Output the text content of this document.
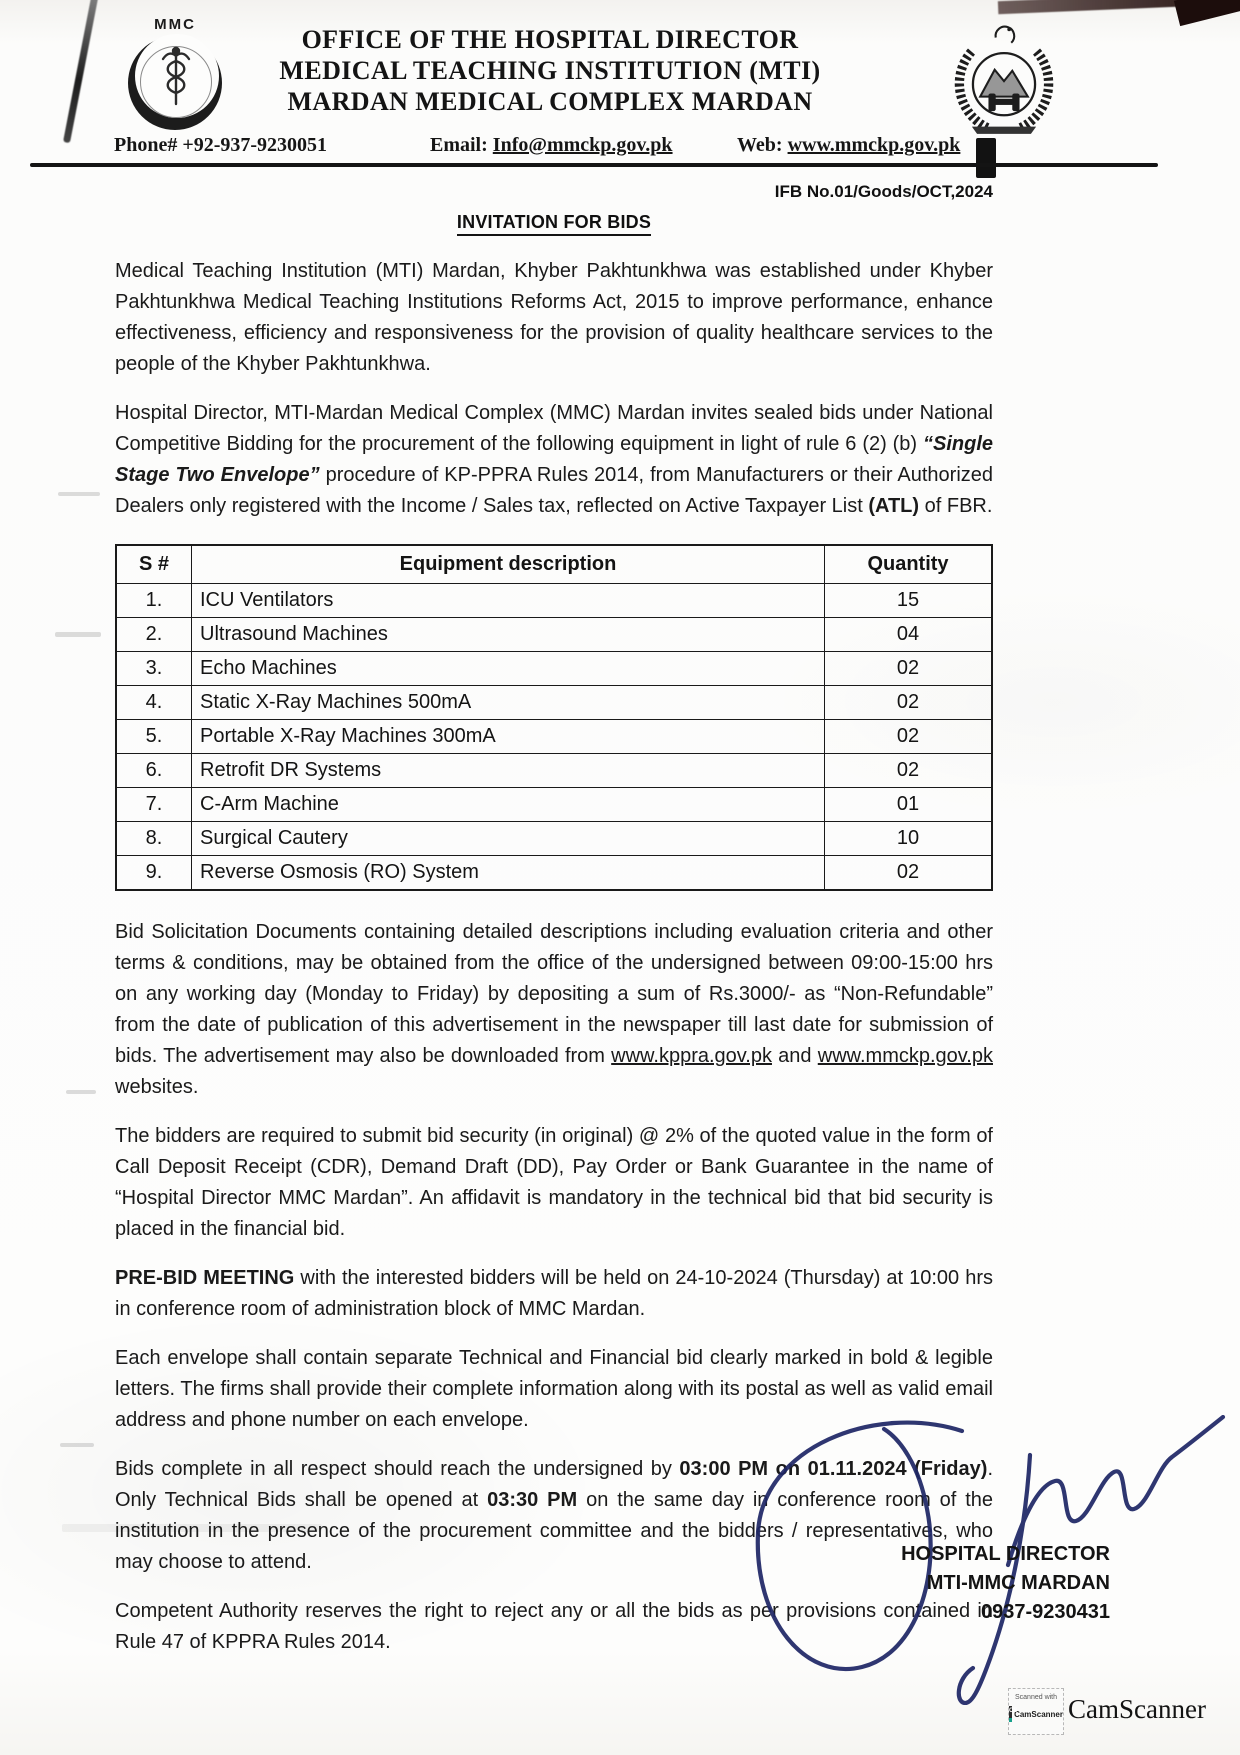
MMC
OFFICE OF THE HOSPITAL DIRECTOR
MEDICAL TEACHING INSTITUTION (MTI)
MARDAN MEDICAL COMPLEX MARDAN
Phone# +92-937-9230051	Email: Info@mmckp.gov.pk	Web: www.mmckp.gov.pk
IFB No.01/Goods/OCT,2024
INVITATION FOR BIDS

Medical Teaching Institution (MTI) Mardan, Khyber Pakhtunkhwa was established under Khyber Pakhtunkhwa Medical Teaching Institutions Reforms Act, 2015 to improve performance, enhance effectiveness, efficiency and responsiveness for the provision of quality healthcare services to the people of the Khyber Pakhtunkhwa.

Hospital Director, MTI-Mardan Medical Complex (MMC) Mardan invites sealed bids under National Competitive Bidding for the procurement of the following equipment in light of rule 6 (2) (b) “Single Stage Two Envelope” procedure of KP-PPRA Rules 2014, from Manufacturers or their Authorized Dealers only registered with the Income / Sales tax, reflected on Active Taxpayer List (ATL) of FBR.

S #	Equipment description	Quantity
1.	ICU Ventilators	15
2.	Ultrasound Machines	04
3.	Echo Machines	02
4.	Static X-Ray Machines 500mA	02
5.	Portable X-Ray Machines 300mA	02
6.	Retrofit DR Systems	02
7.	C-Arm Machine	01
8.	Surgical Cautery	10
9.	Reverse Osmosis (RO) System	02

Bid Solicitation Documents containing detailed descriptions including evaluation criteria and other terms & conditions, may be obtained from the office of the undersigned between 09:00-15:00 hrs on any working day (Monday to Friday) by depositing a sum of Rs.3000/- as “Non-Refundable” from the date of publication of this advertisement in the newspaper till last date for submission of bids. The advertisement may also be downloaded from www.kppra.gov.pk and www.mmckp.gov.pk websites.

The bidders are required to submit bid security (in original) @ 2% of the quoted value in the form of Call Deposit Receipt (CDR), Demand Draft (DD), Pay Order or Bank Guarantee in the name of “Hospital Director MMC Mardan”. An affidavit is mandatory in the technical bid that bid security is placed in the financial bid.

PRE-BID MEETING with the interested bidders will be held on 24-10-2024 (Thursday) at 10:00 hrs in conference room of administration block of MMC Mardan.

Each envelope shall contain separate Technical and Financial bid clearly marked in bold & legible letters. The firms shall provide their complete information along with its postal as well as valid email address and phone number on each envelope.

Bids complete in all respect should reach the undersigned by 03:00 PM on 01.11.2024 (Friday). Only Technical Bids shall be opened at 03:30 PM on the same day in conference room of the institution in the presence of the procurement committee and the bidders / representatives, who may choose to attend.

Competent Authority reserves the right to reject any or all the bids as per provisions contained in Rule 47 of KPPRA Rules 2014.

HOSPITAL DIRECTOR
MTI-MMC MARDAN
0937-9230431
Scanned with
CS
CamScanner CamScanner
